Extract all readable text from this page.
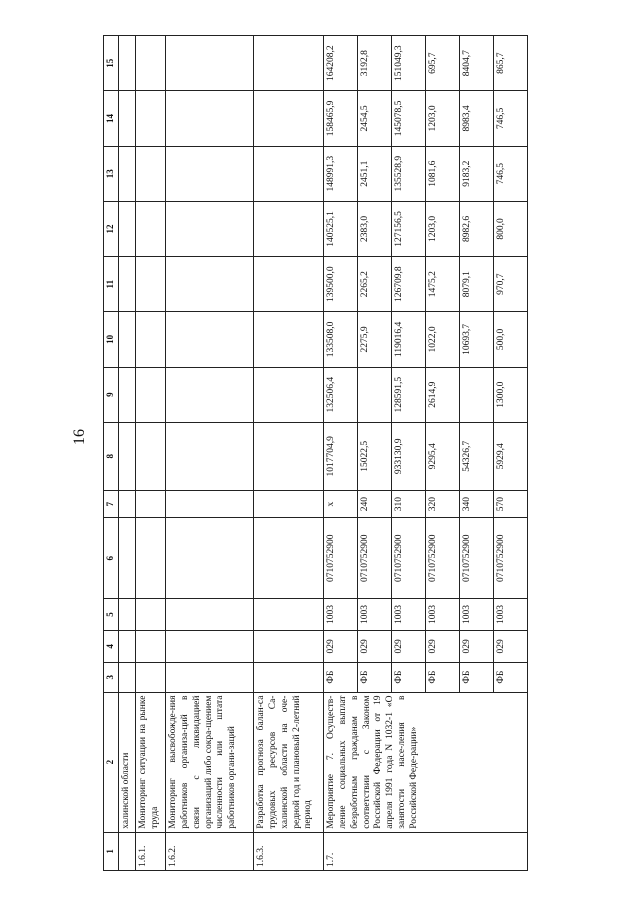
16
1	2	3	4	5	6	7	8	9	10	11	12	13	14	15
	халинской области													
1.6.1.	Мониторинг ситуации на рынке труда													
1.6.2.	Мониторинг высвобожде-ния работников организа-ций в связи с ликвидацией организаций либо сокра-щением численности или штата работников органи-заций													
1.6.3.	Разработка прогноза балан-са трудовых ресурсов Са-халинской области на оче-редной год и плановый 2-летний период													
1.7.	Мероприятие 7. Осуществ-ление социальных выплат безработным гражданам в соответствии с Законом Российской Федерации от 19 апреля 1991 года N 1032-1 «О занятости насе-ления в Российской Феде-рации»	ФБ	029	1003	0710752900	x	1017704,9	132506,4	133508,0	139500,0	140525,1	148991,3	158465,9	164208,2
		ФБ	029	1003	0710752900	240	15022,5		2275,9	2265,2	2383,0	2451,1	2454,5	3192,8
		ФБ	029	1003	0710752900	310	933130,9	128591,5	119016,4	126709,8	127156,5	135528,9	145078,5	151049,3
		ФБ	029	1003	0710752900	320	9295,4	2614,9	1022,0	1475,2	1203,0	1081,6	1203,0	695,7
		ФБ	029	1003	0710752900	340	54326,7		10693,7	8079,1	8982,6	9183,2	8983,4	8404,7
		ФБ	029	1003	0710752900	570	5929,4	1300,0	500,0	970,7	800,0	746,5	746,5	865,7
